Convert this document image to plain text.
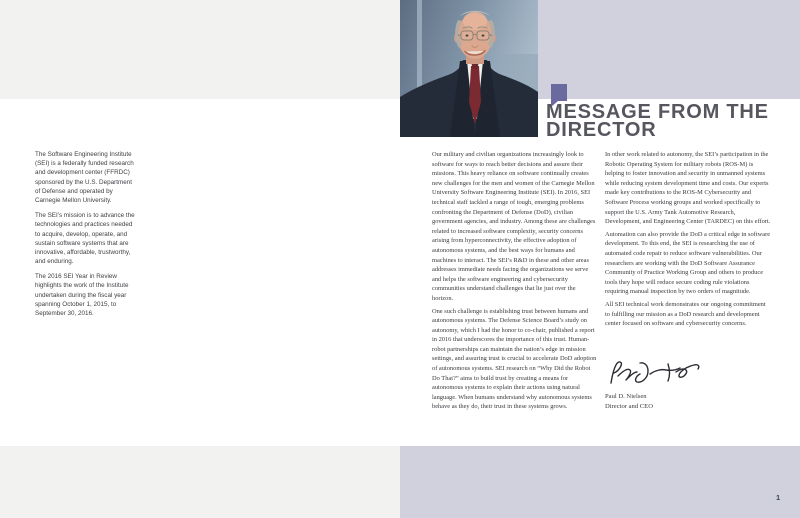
MESSAGE FROM THE
DIRECTOR

The Software Engineering Institute (SEI) is a federally funded research and development center (FFRDC) sponsored by the U.S. Department of Defense and operated by Carnegie Mellon University.

The SEI’s mission is to advance the technologies and practices needed to acquire, develop, operate, and sustain software systems that are innovative, affordable, trustworthy, and enduring.

The 2016 SEI Year in Review highlights the work of the Institute undertaken during the fiscal year spanning October 1, 2015, to September 30, 2016.

Our military and civilian organizations increasingly look to software for ways to reach better decisions and assure their missions. This heavy reliance on software continually creates new challenges for the men and women of the Carnegie Mellon University Software Engineering Institute (SEI). In 2016, SEI technical staff tackled a range of tough, emerging problems confronting the Department of Defense (DoD), civilian government agencies, and industry. Among these are challenges related to increased software complexity, security concerns arising from hyperconnectivity, the effective adoption of autonomous systems, and the best ways for humans and machines to interact. The SEI’s R&D in these and other areas addresses immediate needs facing the organizations we serve and helps the software engineering and cybersecurity communities understand challenges that lie just over the horizon.

One such challenge is establishing trust between humans and autonomous systems. The Defense Science Board’s study on autonomy, which I had the honor to co-chair, published a report in 2016 that underscores the importance of this trust. Human-robot partnerships can maintain the nation’s edge in mission settings, and assuring trust is crucial to accelerate DoD adoption of autonomous systems. SEI research on “Why Did the Robot Do That?” aims to build trust by creating a means for autonomous systems to explain their actions using natural language. When humans understand why autonomous systems behave as they do, their trust in these systems grows.

In other work related to autonomy, the SEI’s participation in the Robotic Operating System for military robots (ROS-M) is helping to foster innovation and security in unmanned systems while reducing system development time and costs. Our experts made key contributions to the ROS-M Cybersecurity and Software Process working groups and worked specifically to support the U.S. Army Tank Automotive Research, Development, and Engineering Center (TARDEC) on this effort.

Automation can also provide the DoD a critical edge in software development. To this end, the SEI is researching the use of automated code repair to reduce software vulnerabilities. Our researchers are working with the DoD Software Assurance Community of Practice Working Group and others to produce tools they hope will reduce secure coding rule violations requiring manual inspection by two orders of magnitude.

All SEI technical work demonstrates our ongoing commitment to fulfilling our mission as a DoD research and development center focused on software and cybersecurity concerns.

Paul D. Nielsen
Director and CEO
1
